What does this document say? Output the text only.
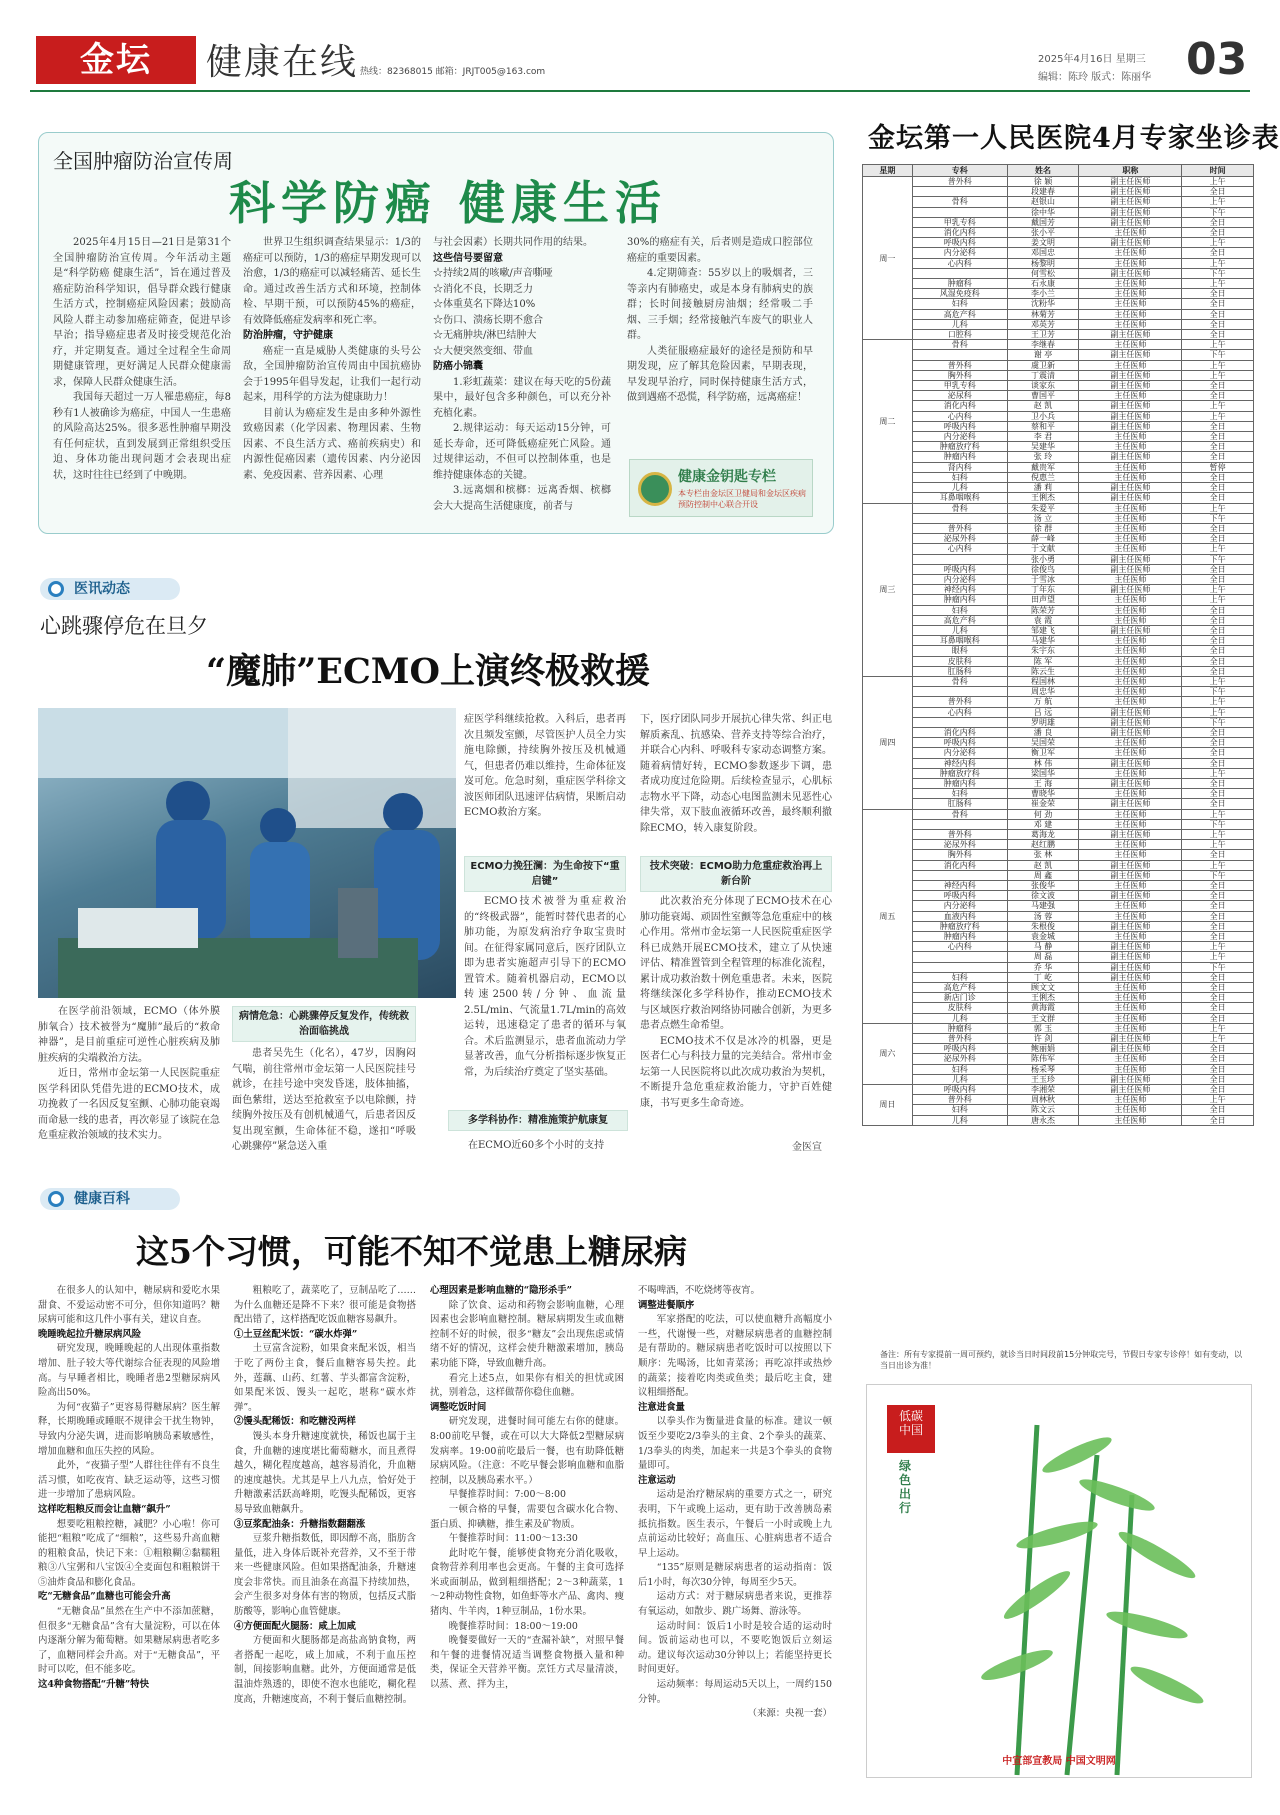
金坛	健康在线 热线：82368015 邮箱：JRJT005@163.com
2025年4月16日 星期三
编辑：陈玲 版式：陈丽华 03
全国肿瘤防治宣传周
科学防癌 健康生活

2025年4月15日—21日是第31个全国肿瘤防治宣传周。今年活动主题是“科学防癌 健康生活”，旨在通过普及癌症防治科学知识，倡导群众践行健康生活方式，控制癌症风险因素；鼓励高风险人群主动参加癌症筛查，促进早诊早治；指导癌症患者及时接受规范化治疗，并定期复查。通过全过程全生命周期健康管理，更好满足人民群众健康需求，保障人民群众健康生活。

我国每天超过一万人罹患癌症，每8秒有1人被确诊为癌症，中国人一生患癌的风险高达25%。很多恶性肿瘤早期没有任何症状，直到发展到正常组织受压迫、身体功能出现问题才会表现出症状，这时往往已经到了中晚期。

世界卫生组织调查结果显示：1/3的癌症可以预防，1/3的癌症早期发现可以治愈，1/3的癌症可以减轻痛苦、延长生命。通过改善生活方式和环境，控制体检、早期干预，可以预防45%的癌症，有效降低癌症发病率和死亡率。

防治肿瘤，守护健康

癌症一直是威胁人类健康的头号公敌，全国肿瘤防治宣传周由中国抗癌协会于1995年倡导发起，让我们一起行动起来，用科学的方法为健康助力！

目前认为癌症发生是由多种外源性致癌因素（化学因素、物理因素、生物因素、不良生活方式、癌前疾病史）和内源性促癌因素（遗传因素、内分泌因素、免疫因素、营养因素、心理

与社会因素）长期共同作用的结果。
这些信号要留意
☆持续2周的咳嗽/声音嘶哑
☆消化不良，长期乏力
☆体重莫名下降达10%
☆伤口、溃疡长期不愈合
☆无痛肿块/淋巴结肿大
☆大便突然变细、带血
防癌小锦囊

1.彩虹蔬菜：建议在每天吃的5份蔬果中，最好包含多种颜色，可以充分补充植化素。

2.规律运动：每天运动15分钟，可延长寿命，还可降低癌症死亡风险。通过规律运动，不但可以控制体重，也是维持健康体态的关键。

3.远离烟和槟榔：远离香烟、槟榔会大大提高生活健康度，前者与

30%的癌症有关，后者则是造成口腔部位癌症的重要因素。

4.定期筛查：55岁以上的吸烟者，三等亲内有肺癌史，或是本身有肺病史的族群；长时间接触厨房油烟；经常吸二手烟、三手烟；经常接触汽车废气的职业人群。

人类征服癌症最好的途径是预防和早期发现，应了解其危险因素，早期表现，早发现早治疗，同时保持健康生活方式，做到遇癌不恐慌，科学防癌，远离癌症！

健康金钥匙专栏
本专栏由金坛区卫健局和金坛区疾病预防控制中心联合开设
医讯动态
心跳骤停危在旦夕
“魔肺”ECMO上演终极救援

在医学前沿领域，ECMO（体外膜肺氧合）技术被誉为“魔肺”最后的“救命神器”，是目前重症可逆性心脏疾病及肺脏疾病的尖端救治方法。

近日，常州市金坛第一人民医院重症医学科团队凭借先进的ECMO技术，成功挽救了一名因反复室颤、心肺功能衰竭而命悬一线的患者，再次彰显了该院在急危重症救治领域的技术实力。

病情危急：心跳骤停反复发作，传统救治面临挑战

患者吴先生（化名），47岁，因胸闷气喘，前往常州市金坛第一人民医院挂号就诊，在挂号途中突发昏迷，肢体抽搐，面色紫绀，送达至抢救室予以电除颤，持续胸外按压及有创机械通气，后患者因反复出现室颤，生命体征不稳，遂扣“呼吸心跳骤停”紧急送入重

症医学科继续抢救。入科后，患者再次且频发室颤，尽管医护人员全力实施电除颤，持续胸外按压及机械通气，但患者仍难以维持，生命体征岌岌可危。危急时刻，重症医学科徐文波医师团队迅速评估病情，果断启动ECMO救治方案。
ECMO力挽狂澜：为生命按下“重启键”

ECMO技术被誉为重症救治的“终极武器”，能暂时替代患者的心肺功能，为原发病治疗争取宝贵时间。在征得家属同意后，医疗团队立即为患者实施超声引导下的ECMO置管术。随着机器启动，ECMO以转速2500转/分钟、血流量2.5L/min、气流量1.7L/min的高效运转，迅速稳定了患者的循环与氧合。术后监测显示，患者血流动力学显著改善，血气分析指标逐步恢复正常，为后续治疗奠定了坚实基础。

多学科协作：精准施策护航康复

在ECMO近60多个小时的支持

下，医疗团队同步开展抗心律失常、纠正电解质紊乱、抗感染、营养支持等综合治疗，并联合心内科、呼吸科专家动态调整方案。随着病情好转，ECMO参数逐步下调，患者成功度过危险期。后续检查显示，心肌标志物水平下降，动态心电图监测未见恶性心律失常，双下肢血液循环改善，最终顺利撤除ECMO，转入康复阶段。
技术突破：ECMO助力危重症救治再上新台阶

此次救治充分体现了ECMO技术在心肺功能衰竭、顽固性室颤等急危重症中的核心作用。常州市金坛第一人民医院重症医学科已成熟开展ECMO技术，建立了从快速评估、精准置管到全程管理的标准化流程，累计成功救治数十例危重患者。未来，医院将继续深化多学科协作，推动ECMO技术与区域医疗救治网络协同融合创新，为更多患者点燃生命希望。

ECMO技术不仅是冰冷的机器，更是医者仁心与科技力量的完美结合。常州市金坛第一人民医院将以此次成功救治为契机，不断提升急危重症救治能力，守护百姓健康，书写更多生命奇迹。

金医宣
健康百科
这5个习惯，可能不知不觉患上糖尿病

在很多人的认知中，糖尿病和爱吃水果甜食、不爱运动密不可分，但你知道吗？糖尿病可能和这几件小事有关，建议自查。

晚睡晚起拉升糖尿病风险

研究发现，晚睡晚起的人出现体重指数增加、肚子较大等代谢综合征表现的风险增高。与早睡者相比，晚睡者患2型糖尿病风险高出50%。

为何“夜猫子”更容易得糖尿病？医生解释，长期晚睡或睡眠不规律会干扰生物钟，导致内分泌失调，进而影响胰岛素敏感性，增加血糖和血压失控的风险。

此外，“夜猫子型”人群往往伴有不良生活习惯，如吃夜宵、缺乏运动等，这些习惯进一步增加了患病风险。

这样吃粗粮反而会让血糖“飙升”

想要吃粗粮控糖，减肥？小心啦！你可能把“粗粮”吃成了“细粮”，这些易升高血糖的粗粮食品，快记下来：①粗粮糊②黏糯粗粮③八宝粥和八宝饭④全麦面包和粗粮饼干⑤油炸食品和膨化食品。

吃“无糖食品”血糖也可能会升高

“无糖食品”虽然在生产中不添加蔗糖，但很多“无糖食品”含有大量淀粉，可以在体内逐渐分解为葡萄糖。如果糖尿病患者吃多了，血糖同样会升高。对于“无糖食品”，平时可以吃，但不能多吃。

这4种食物搭配“升糖”特快

粗粮吃了，蔬菜吃了，豆制品吃了……为什么血糖还是降不下来？很可能是食物搭配出错了，这样搭配吃饭血糖容易飙升。

①土豆丝配米饭：“碳水炸弹”

土豆富含淀粉，如果食来配米饭，相当于吃了两份主食，餐后血糖容易失控。此外，莲藕、山药、红薯、芋头都富含淀粉，如果配米饭、馒头一起吃，堪称“碳水炸弹”。

②馒头配稀饭：和吃糖没两样

馒头本身升糖速度就快，稀饭也属于主食，升血糖的速度堪比葡萄糖水，而且煮得越久，糊化程度越高，越容易消化，升血糖的速度越快。尤其是早上八九点，恰好处于升糖激素活跃高峰期，吃馒头配稀饭，更容易导致血糖飙升。

③豆浆配油条：升糖指数翻翻涨

豆浆升糖指数低，即因醇不高，脂肪含量低，进入身体后既补充营养，又不至于带来一些健康风险。但如果搭配油条，升糖速度会非常快。而且油条在高温下持续加热，会产生很多对身体有害的物质，包括反式脂肪酸等，影响心血管健康。

④方便面配火腿肠：咸上加咸

方便面和火腿肠都是高盐高钠食物，两者搭配一起吃，咸上加咸，不利于血压控制，间接影响血糖。此外，方便面通常是低温油炸熟透的，即使不泡水也能吃，糊化程度高，升糖速度高，不利于餐后血糖控制。

心理因素是影响血糖的“隐形杀手”

除了饮食、运动和药物会影响血糖，心理因素也会影响血糖控制。糖尿病期发生或血糖控制不好的时候，很多“糖友”会出现焦虑或情绪不好的情况，这样会使升糖激素增加，胰岛素功能下降，导致血糖升高。

看完上述5点，如果你有相关的担忧或困扰，别着急，这样做帮你稳住血糖。

调整吃饭时间

研究发现，进餐时间可能左右你的健康。8:00前吃早餐，或在可以大大降低2型糖尿病发病率。19:00前吃最后一餐，也有助降低糖尿病风险。（注意：不吃早餐会影响血糖和血脂控制，以及胰岛素水平。）

早餐推荐时间：7:00～8:00

一顿合格的早餐，需要包含碳水化合物、蛋白质、抑碘糖，推生素及矿物质。

午餐推荐时间：11:00～13:30

此时吃午餐，能够使食物充分消化吸收，食物营养利用率也会更高。午餐的主食可选择米或面制品，做到粗细搭配；2～3种蔬菜，1～2种动物性食物，如鱼虾等水产品、禽肉、瘦猪肉、牛羊肉，1种豆制品，1份水果。

晚餐推荐时间：18:00～19:00

晚餐要做好一天的“查漏补缺”，对照早餐和午餐的进餐情况适当调整食物摄入量和种类，保证全天营养平衡。烹饪方式尽量清淡，以蒸、煮、拌为主，

不喝啤酒，不吃烧烤等夜宵。
调整进餐顺序

军家搭配的吃法，可以使血糖升高幅度小一些，代谢慢一些，对糖尿病患者的血糖控制是有帮助的。糖尿病患者吃饭时可以按照以下顺序：先喝汤，比如青菜汤；再吃凉拌或热炒的蔬菜；接着吃肉类或鱼类；最后吃主食，建议粗细搭配。

注意进食量

以拳头作为衡量进食量的标准。建议一顿饭至少要吃2/3拳头的主食、2个拳头的蔬菜、1/3拳头的肉类，加起来一共是3个拳头的食物量即可。

注意运动

运动是治疗糖尿病的重要方式之一，研究表明，下午或晚上运动，更有助于改善胰岛素抵抗指数。医生表示，午餐后一小时或晚上九点前运动比较好；高血压、心脏病患者不适合早上运动。

“135”原则是糖尿病患者的运动指南：饭后1小时，每次30分钟，每周至少5天。

运动方式：对于糖尿病患者来说，更推荐有氧运动，如散步、跳广场舞、游泳等。

运动时间：饭后1小时是较合适的运动时间。饭前运动也可以，不要吃饱饭后立刻运动。建议每次运动30分钟以上；若能坚持更长时间更好。

运动频率：每周运动5天以上，一周约150分钟。

（来源：央视一套）
金坛第一人民医院4月专家坐诊表
星期	专科	姓名	职称	时间
周一	普外科	徐 颖	副主任医师	上午
		段建春	副主任医师	全日
	骨科	赵银山	副主任医师	上午
		徐中华	副主任医师	下午
	甲乳专科	戴国芳	副主任医师	全日
	消化内科	张小平	主任医师	全日
	呼吸内科	姜文明	副主任医师	上午
	内分泌科	邓国忠	主任医师	全日
	心内科	杨黎明	主任医师	上午
		何雪松	副主任医师	下午
	肿瘤科	石永康	主任医师	上午
	风湿免疫科	李小兰	主任医师	全日
	妇科	沈粉华	主任医师	全日
	高危产科	林菊芳	主任医师	全日
	儿科	邓英芳	主任医师	全日
	口腔科	王卫芳	副主任医师	全日
周二	骨科	李继春	主任医师	上午
		谢 亭	副主任医师	下午
	普外科	虞卫新	主任医师	上午
	胸外科	丁震清	副主任医师	上午
	甲乳专科	谈家东	副主任医师	全日
	泌尿科	曹国平	主任医师	全日
	消化内科	赵 凯	副主任医师	上午
	心内科	卫小兵	副主任医师	上午
	呼吸内科	蔡和平	副主任医师	全日
	内分泌科	李 君	主任医师	全日
	肿瘤放疗科	吴建华	主任医师	全日
	肿瘤内科	张 玲	副主任医师	全日
	肾内科	戴贵军	主任医师	暂停
	妇科	倪惠兰	主任医师	全日
	儿科	潘 莉	副主任医师	全日
	耳鼻咽喉科	王俐杰	副主任医师	全日
周三	骨科	朱爱平	主任医师	上午
		汤 立	主任医师	下午
	普外科	徐 群	主任医师	全日
	泌尿外科	薛一峰	主任医师	全日
	心内科	于文献	主任医师	上午
		张小勇	副主任医师	下午
	呼吸内科	徐俊鸟	副主任医师	全日
	内分泌科	于雪冰	主任医师	全日
	神经内科	丁年东	副主任医师	上午
	肿瘤内科	田声望	主任医师	上午
	妇科	陈荣芳	主任医师	全日
	高危产科	袁 霞	主任医师	全日
	儿科	邹建飞	副主任医师	全日
	耳鼻咽喉科	马建华	主任医师	全日
	眼科	朱宇东	主任医师	全日
	皮肤科	陈 军	主任医师	全日
	肛肠科	陈云生	主任医师	全日
周四	骨科	程国林	主任医师	上午
		周忠华	主任医师	下午
	普外科	万 航	主任医师	上午
	心内科	吕 远	副主任医师	上午
		罗明雄	副主任医师	下午
	消化内科	潘 良	副主任医师	全日
	呼吸内科	吴国荣	主任医师	全日
	内分泌科	衡卫军	主任医师	全日
	神经内科	林 伟	副主任医师	全日
	肿瘤放疗科	梁国华	主任医师	上午
	肿瘤内科	王 海	副主任医师	全日
	妇科	曹晓华	主任医师	全日
	肛肠科	崔金荣	副主任医师	全日
周五	骨科	何 劲	主任医师	上午
		邓 建	主任医师	下午
	普外科	葛海龙	副主任医师	上午
	泌尿外科	赵红鹏	主任医师	上午
	胸外科	张 林	主任医师	全日
	消化内科	赵 凯	副主任医师	上午
		周 鑫	副主任医师	下午
	神经内科	张俊华	主任医师	全日
	呼吸内科	徐文波	副主任医师	全日
	内分泌科	马建强	主任医师	全日
	血液内科	汤 蓉	主任医师	全日
	肿瘤放疗科	朱根俊	副主任医师	全日
	肿瘤内科	袁金城	主任医师	全日
	心内科	马 静	副主任医师	上午
		周 磊	副主任医师	上午
		乔 华	副主任医师	下午
	妇科	丁 屹	副主任医师	全日
	高危产科	顾文文	主任医师	全日
	新店门诊	王俐杰	主任医师	全日
	皮肤科	黄海霞	主任医师	全日
	儿科	王文群	主任医师	全日
周六	肿瘤科	郭 玉	主任医师	上午
	普外科	许 剑	副主任医师	上午
	呼吸内科	鲍丽娟	副主任医师	全日
	泌尿外科	陈伟军	主任医师	全日
	妇科	杨采琴	主任医师	全日
	儿科	王玉珍	副主任医师	全日
周日	呼吸内科	李湘荣	副主任医师	全日
	普外科	周林秋	主任医师	上午
	妇科	陈文云	主任医师	全日
	儿科	唐永杰	主任医师	全日
备注：所有专家提前一周可预约，就诊当日时间段前15分钟取完号，节假日专家专诊停！如有变动，以当日出诊为准！
低碳
中国
绿色出行
中宣部宣教局 中国文明网
